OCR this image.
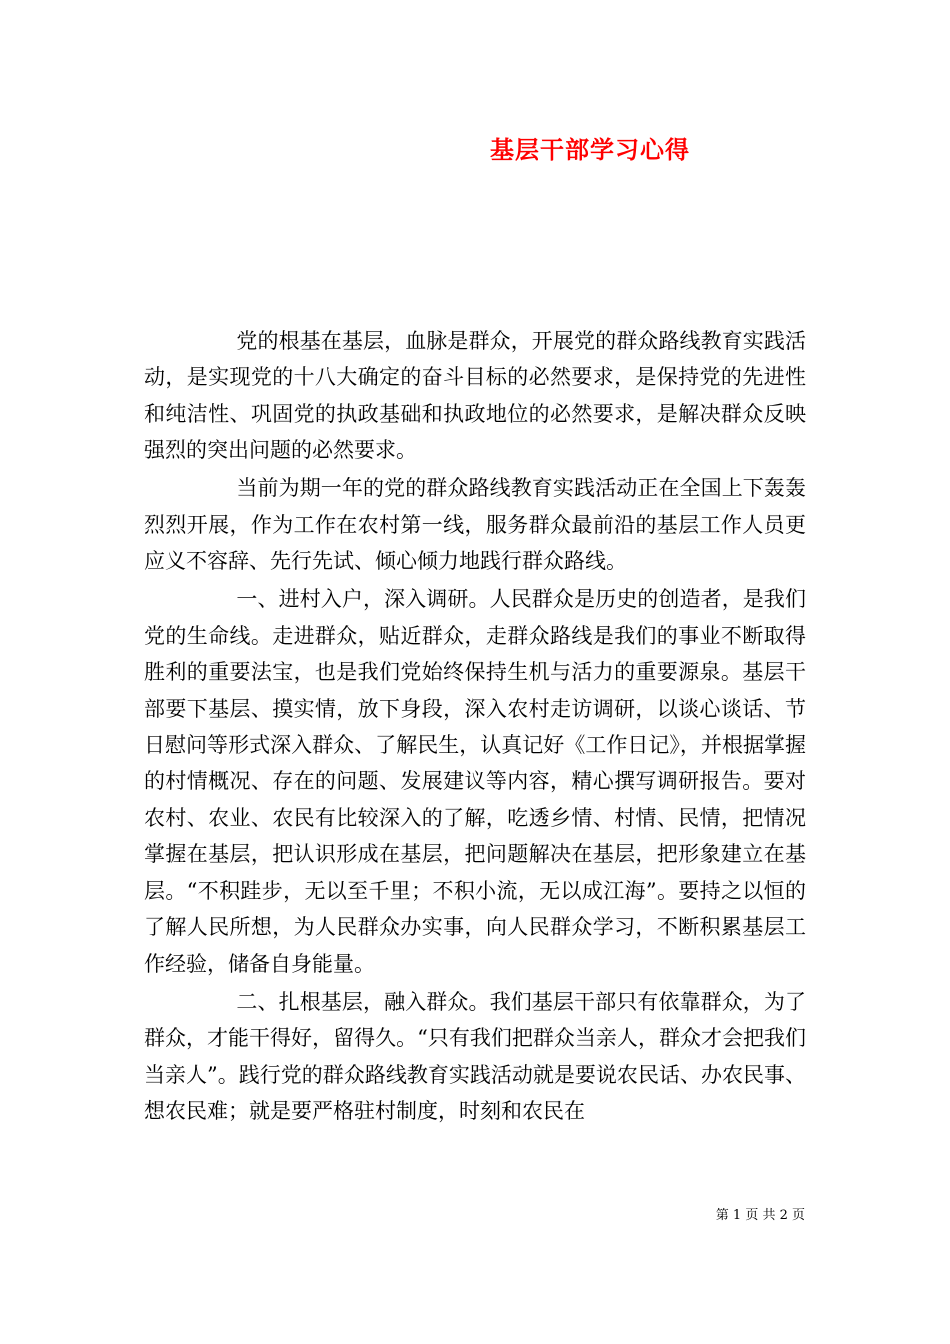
基层干部学习心得

党的根基在基层，血脉是群众，开展党的群众路线教育实践活动，是实现党的十八大确定的奋斗目标的必然要求，是保持党的先进性和纯洁性、巩固党的执政基础和执政地位的必然要求，是解决群众反映强烈的突出问题的必然要求。

当前为期一年的党的群众路线教育实践活动正在全国上下轰轰烈烈开展，作为工作在农村第一线，服务群众最前沿的基层工作人员更应义不容辞、先行先试、倾心倾力地践行群众路线。

一、进村入户，深入调研。人民群众是历史的创造者，是我们党的生命线。走进群众，贴近群众，走群众路线是我们的事业不断取得胜利的重要法宝，也是我们党始终保持生机与活力的重要源泉。基层干部要下基层、摸实情，放下身段，深入农村走访调研，以谈心谈话、节日慰问等形式深入群众、了解民生，认真记好《工作日记》，并根据掌握的村情概况、存在的问题、发展建议等内容，精心撰写调研报告。要对农村、农业、农民有比较深入的了解，吃透乡情、村情、民情，把情况掌握在基层，把认识形成在基层，把问题解决在基层，把形象建立在基层。“不积跬步，无以至千里；不积小流，无以成江海”。要持之以恒的了解人民所想，为人民群众办实事，向人民群众学习，不断积累基层工作经验，储备自身能量。

二、扎根基层，融入群众。我们基层干部只有依靠群众，为了群众，才能干得好，留得久。“只有我们把群众当亲人，群众才会把我们当亲人”。践行党的群众路线教育实践活动就是要说农民话、办农民事、想农民难；就是要严格驻村制度，时刻和农民在

第 1 页 共 2 页
